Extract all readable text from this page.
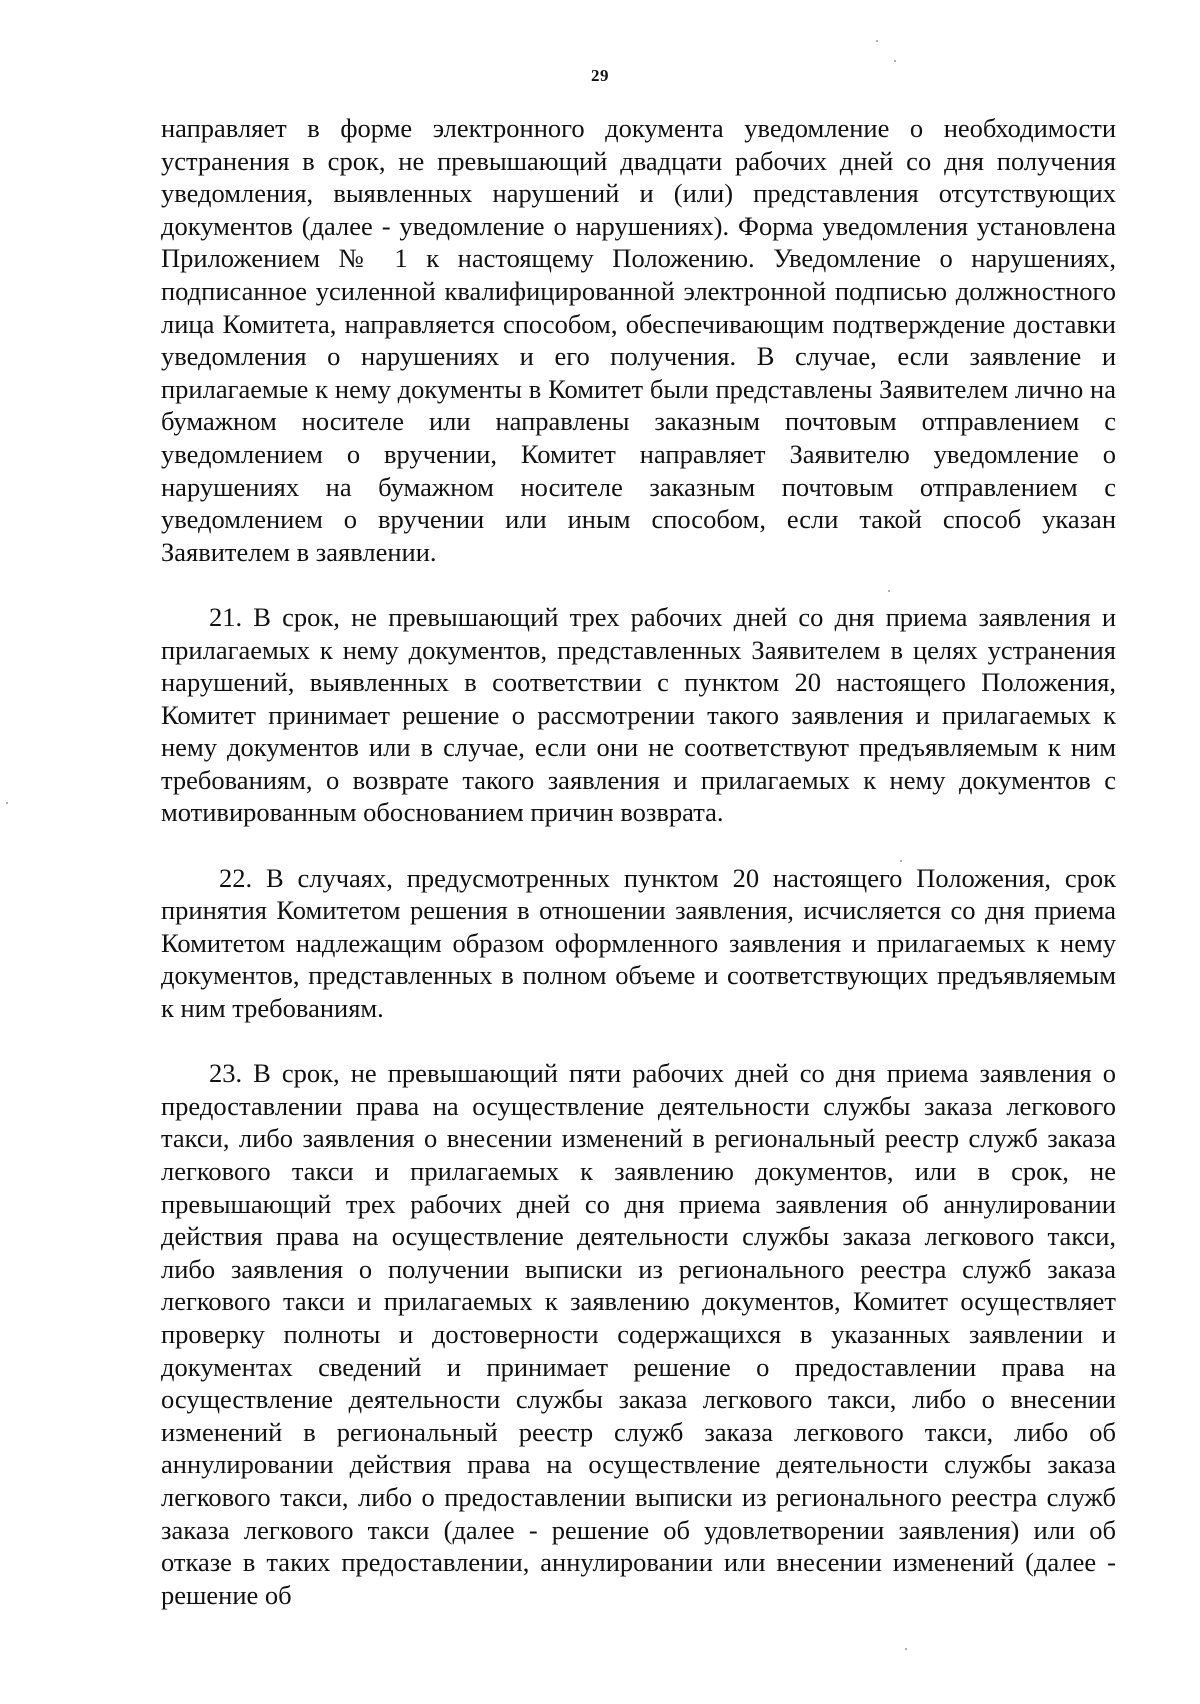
29

направляет в форме электронного документа уведомление о необходимости устранения в срок, не превышающий двадцати рабочих дней со дня получения уведомления, выявленных нарушений и (или) представления отсутствующих документов (далее - уведомление о нарушениях). Форма уведомления установлена Приложением № 1 к настоящему Положению. Уведомление о нарушениях, подписанное усиленной квалифицированной электронной подписью должностного лица Комитета, направляется способом, обеспечивающим подтверждение доставки уведомления о нарушениях и его получения. В случае, если заявление и прилагаемые к нему документы в Комитет были представлены Заявителем лично на бумажном носителе или направлены заказным почтовым отправлением с уведомлением о вручении, Комитет направляет Заявителю уведомление о нарушениях на бумажном носителе заказным почтовым отправлением с уведомлением о вручении или иным способом, если такой способ указан Заявителем в заявлении.

21. В срок, не превышающий трех рабочих дней со дня приема заявления и прилагаемых к нему документов, представленных Заявителем в целях устранения нарушений, выявленных в соответствии с пунктом 20 настоящего Положения, Комитет принимает решение о рассмотрении такого заявления и прилагаемых к нему документов или в случае, если они не соответствуют предъявляемым к ним требованиям, о возврате такого заявления и прилагаемых к нему документов с мотивированным обоснованием причин возврата.

22. В случаях, предусмотренных пунктом 20 настоящего Положения, срок принятия Комитетом решения в отношении заявления, исчисляется со дня приема Комитетом надлежащим образом оформленного заявления и прилагаемых к нему документов, представленных в полном объеме и соответствующих предъявляемым к ним требованиям.

23. В срок, не превышающий пяти рабочих дней со дня приема заявления о предоставлении права на осуществление деятельности службы заказа легкового такси, либо заявления о внесении изменений в региональный реестр служб заказа легкового такси и прилагаемых к заявлению документов, или в срок, не превышающий трех рабочих дней со дня приема заявления об аннулировании действия права на осуществление деятельности службы заказа легкового такси, либо заявления о получении выписки из регионального реестра служб заказа легкового такси и прилагаемых к заявлению документов, Комитет осуществляет проверку полноты и достоверности содержащихся в указанных заявлении и документах сведений и принимает решение о предоставлении права на осуществление деятельности службы заказа легкового такси, либо о внесении изменений в региональный реестр служб заказа легкового такси, либо об аннулировании действия права на осуществление деятельности службы заказа легкового такси, либо о предоставлении выписки из регионального реестра служб заказа легкового такси (далее - решение об удовлетворении заявления) или об отказе в таких предоставлении, аннулировании или внесении изменений (далее - решение об
